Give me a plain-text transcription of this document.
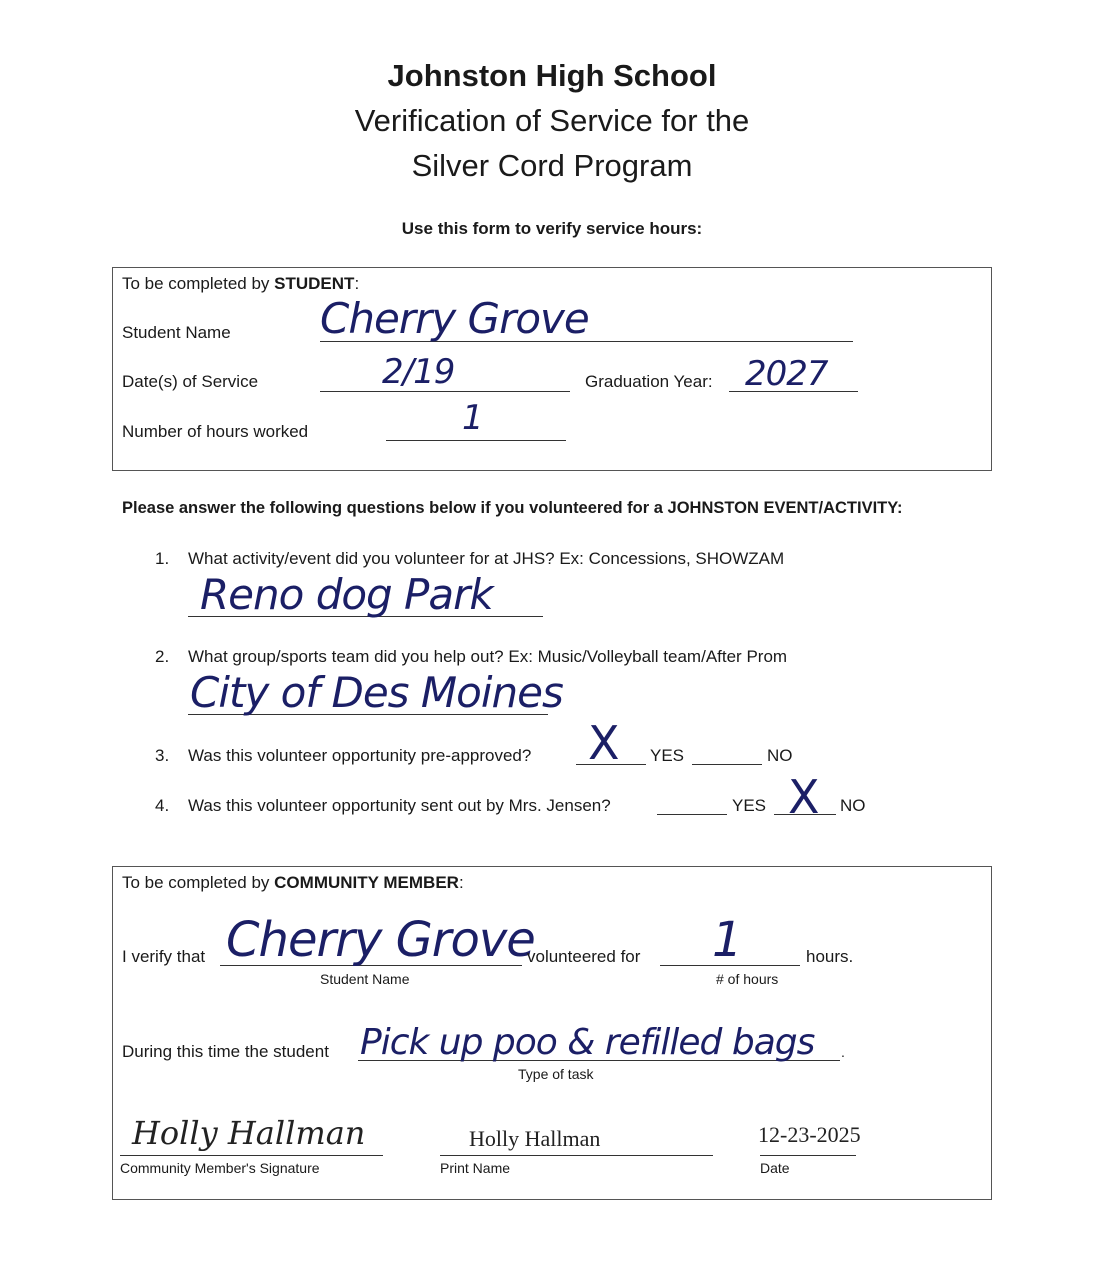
Johnston High School
Verification of Service for the
Silver Cord Program
Use this form to verify service hours:
To be completed by STUDENT:
Student Name Cherry Grove
Date(s) of Service	2/19	Graduation Year: 2027
Number of hours worked	1
Please answer the following questions below if you volunteered for a JOHNSTON EVENT/ACTIVITY:
1. What activity/event did you volunteer for at JHS? Ex: Concessions, SHOWZAM
Reno dog Park
2. What group/sports team did you help out? Ex: Music/Volleyball team/After Prom
City of Des Moines
3. Was this volunteer opportunity pre-approved? X YES	NO
4. Was this volunteer opportunity sent out by Mrs. Jensen?	YES X NO
To be completed by COMMUNITY MEMBER:
I verify that Cherry Grove
Student Name
volunteered for 1
# of hours
hours.
During this time the student	.
Pick up poo & refilled bags
Type of task
Holly Hallman
Community Member's Signature
Holly Hallman
Print Name
12-23-2025
Date
